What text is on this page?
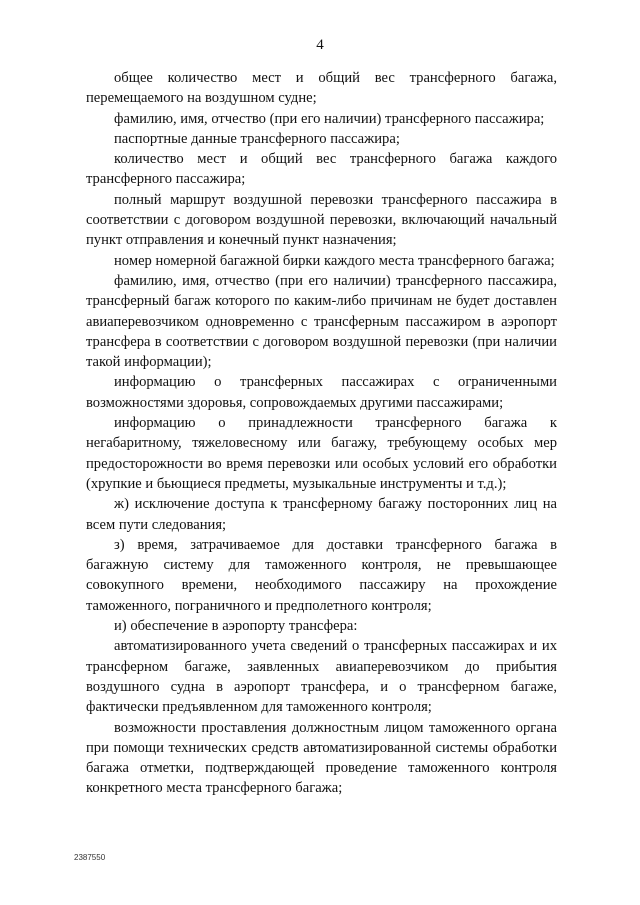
4

общее количество мест и общий вес трансферного багажа, перемещаемого на воздушном судне;

фамилию, имя, отчество (при его наличии) трансферного пассажира;

паспортные данные трансферного пассажира;

количество мест и общий вес трансферного багажа каждого трансферного пассажира;

полный маршрут воздушной перевозки трансферного пассажира в соответствии с договором воздушной перевозки, включающий начальный пункт отправления и конечный пункт назначения;

номер номерной багажной бирки каждого места трансферного багажа;

фамилию, имя, отчество (при его наличии) трансферного пассажира, трансферный багаж которого по каким-либо причинам не будет доставлен авиаперевозчиком одновременно с трансферным пассажиром в аэропорт трансфера в соответствии с договором воздушной перевозки (при наличии такой информации);

информацию о трансферных пассажирах с ограниченными возможностями здоровья, сопровождаемых другими пассажирами;

информацию о принадлежности трансферного багажа к негабаритному, тяжеловесному или багажу, требующему особых мер предосторожности во время перевозки или особых условий его обработки (хрупкие и бьющиеся предметы, музыкальные инструменты и т.д.);

ж) исключение доступа к трансферному багажу посторонних лиц на всем пути следования;

з) время, затрачиваемое для доставки трансферного багажа в багажную систему для таможенного контроля, не превышающее совокупного времени, необходимого пассажиру на прохождение таможенного, пограничного и предполетного контроля;

и) обеспечение в аэропорту трансфера:

автоматизированного учета сведений о трансферных пассажирах и их трансферном багаже, заявленных авиаперевозчиком до прибытия воздушного судна в аэропорт трансфера, и о трансферном багаже, фактически предъявленном для таможенного контроля;

возможности проставления должностным лицом таможенного органа при помощи технических средств автоматизированной системы обработки багажа отметки, подтверждающей проведение таможенного контроля конкретного места трансферного багажа;

2387550
